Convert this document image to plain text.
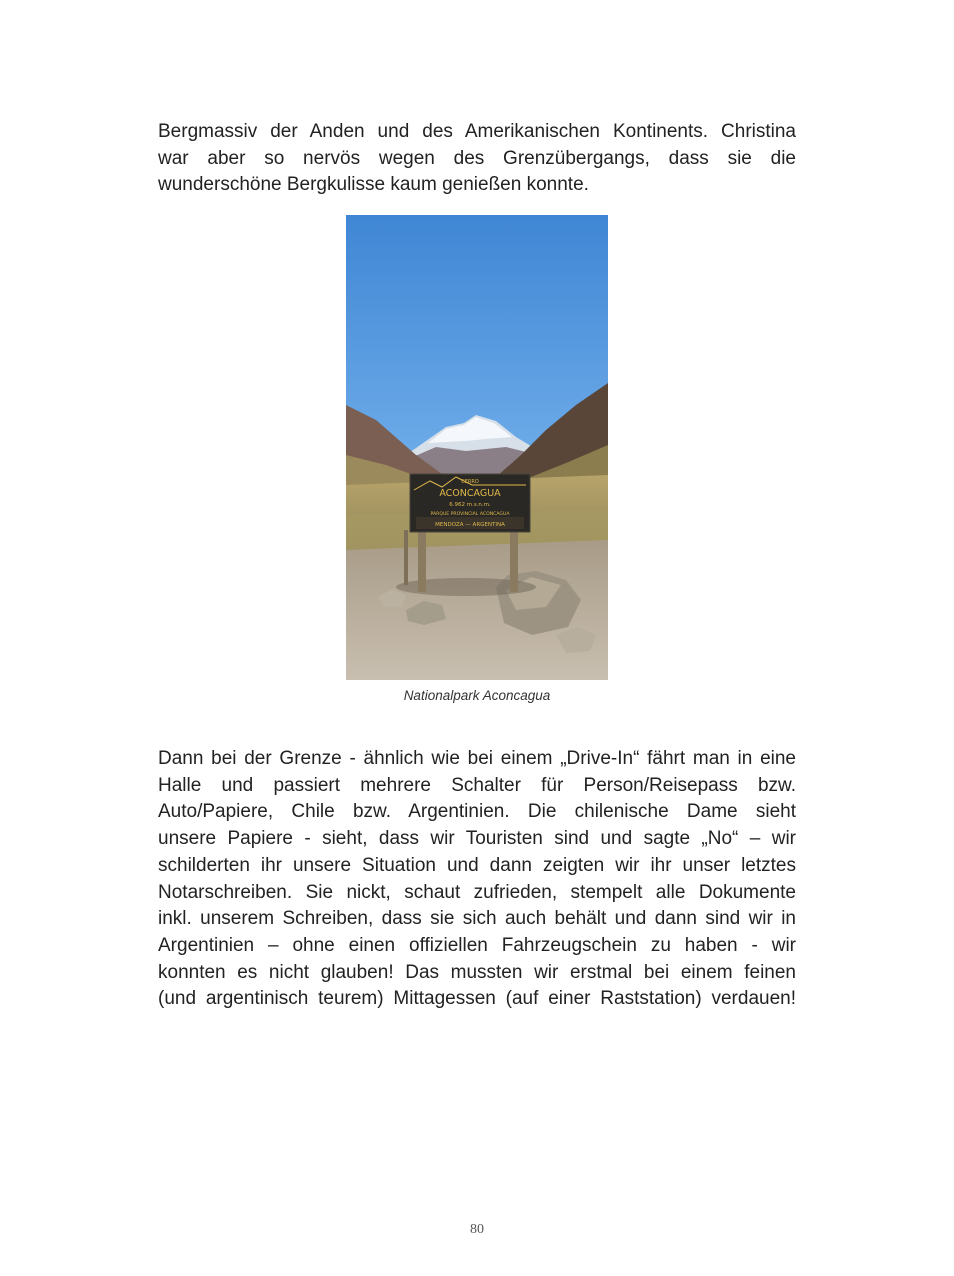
Bergmassiv der Anden und des Amerikanischen Kontinents. Christina
war aber so nervös wegen des Grenzübergangs, dass sie die
wunderschöne Bergkulisse kaum genießen konnte.

CERRO
ACONCAGUA
6.962 m.s.n.m.
PARQUE PROVINCIAL ACONCAGUA
MENDOZA — ARGENTINA
Nationalpark Aconcagua

Dann bei der Grenze - ähnlich wie bei einem „Drive-In“ fährt man in eine
Halle und passiert mehrere Schalter für Person/Reisepass bzw.
Auto/Papiere, Chile bzw. Argentinien. Die chilenische Dame sieht
unsere Papiere - sieht, dass wir Touristen sind und sagte „No“ – wir
schilderten ihr unsere Situation und dann zeigten wir ihr unser letztes
Notarschreiben. Sie nickt, schaut zufrieden, stempelt alle Dokumente
inkl. unserem Schreiben, dass sie sich auch behält und dann sind wir in
Argentinien – ohne einen offiziellen Fahrzeugschein zu haben - wir
konnten es nicht glauben! Das mussten wir erstmal bei einem feinen
(und argentinisch teurem) Mittagessen (auf einer Raststation) verdauen!

80
